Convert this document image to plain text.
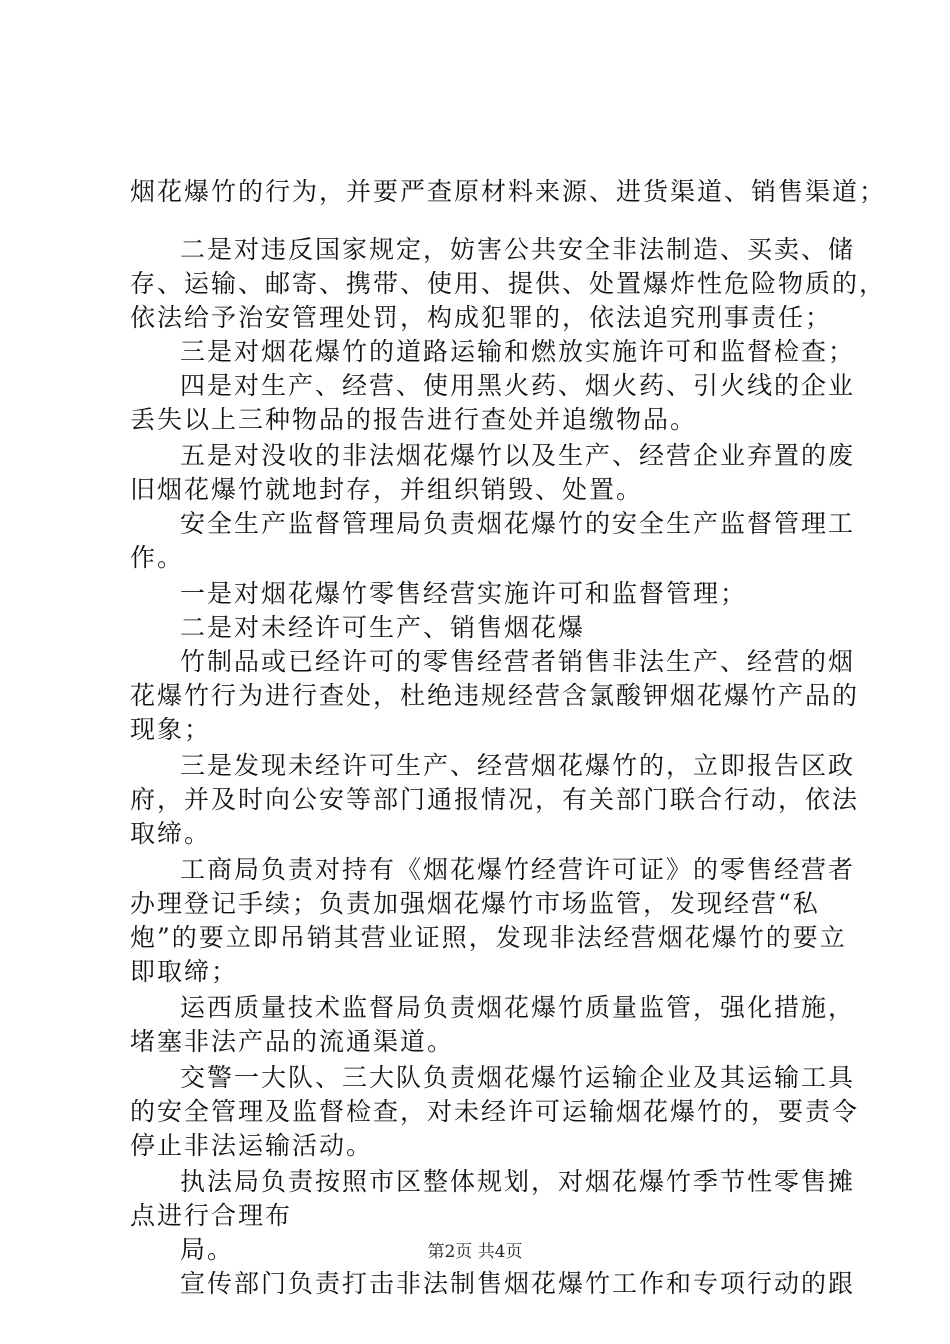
烟花爆竹的行为，并要严查原材料来源、进货渠道、销售渠道；
二是对违反国家规定，妨害公共安全非法制造、买卖、储
存、运输、邮寄、携带、使用、提供、处置爆炸性危险物质的，
依法给予治安管理处罚，构成犯罪的，依法追究刑事责任；
三是对烟花爆竹的道路运输和燃放实施许可和监督检查；
四是对生产、经营、使用黑火药、烟火药、引火线的企业
丢失以上三种物品的报告进行查处并追缴物品。
五是对没收的非法烟花爆竹以及生产、经营企业弃置的废
旧烟花爆竹就地封存，并组织销毁、处置。
安全生产监督管理局负责烟花爆竹的安全生产监督管理工
作。
一是对烟花爆竹零售经营实施许可和监督管理；
二是对未经许可生产、销售烟花爆
竹制品或已经许可的零售经营者销售非法生产、经营的烟
花爆竹行为进行查处，杜绝违规经营含氯酸钾烟花爆竹产品的
现象；
三是发现未经许可生产、经营烟花爆竹的，立即报告区政
府，并及时向公安等部门通报情况，有关部门联合行动，依法
取缔。
工商局负责对持有《烟花爆竹经营许可证》的零售经营者
办理登记手续；负责加强烟花爆竹市场监管，发现经营“私
炮”的要立即吊销其营业证照，发现非法经营烟花爆竹的要立
即取缔；
运西质量技术监督局负责烟花爆竹质量监管，强化措施，
堵塞非法产品的流通渠道。
交警一大队、三大队负责烟花爆竹运输企业及其运输工具
的安全管理及监督检查，对未经许可运输烟花爆竹的，要责令
停止非法运输活动。
执法局负责按照市区整体规划，对烟花爆竹季节性零售摊
点进行合理布
局。
宣传部门负责打击非法制售烟花爆竹工作和专项行动的跟
第2页 共4页
